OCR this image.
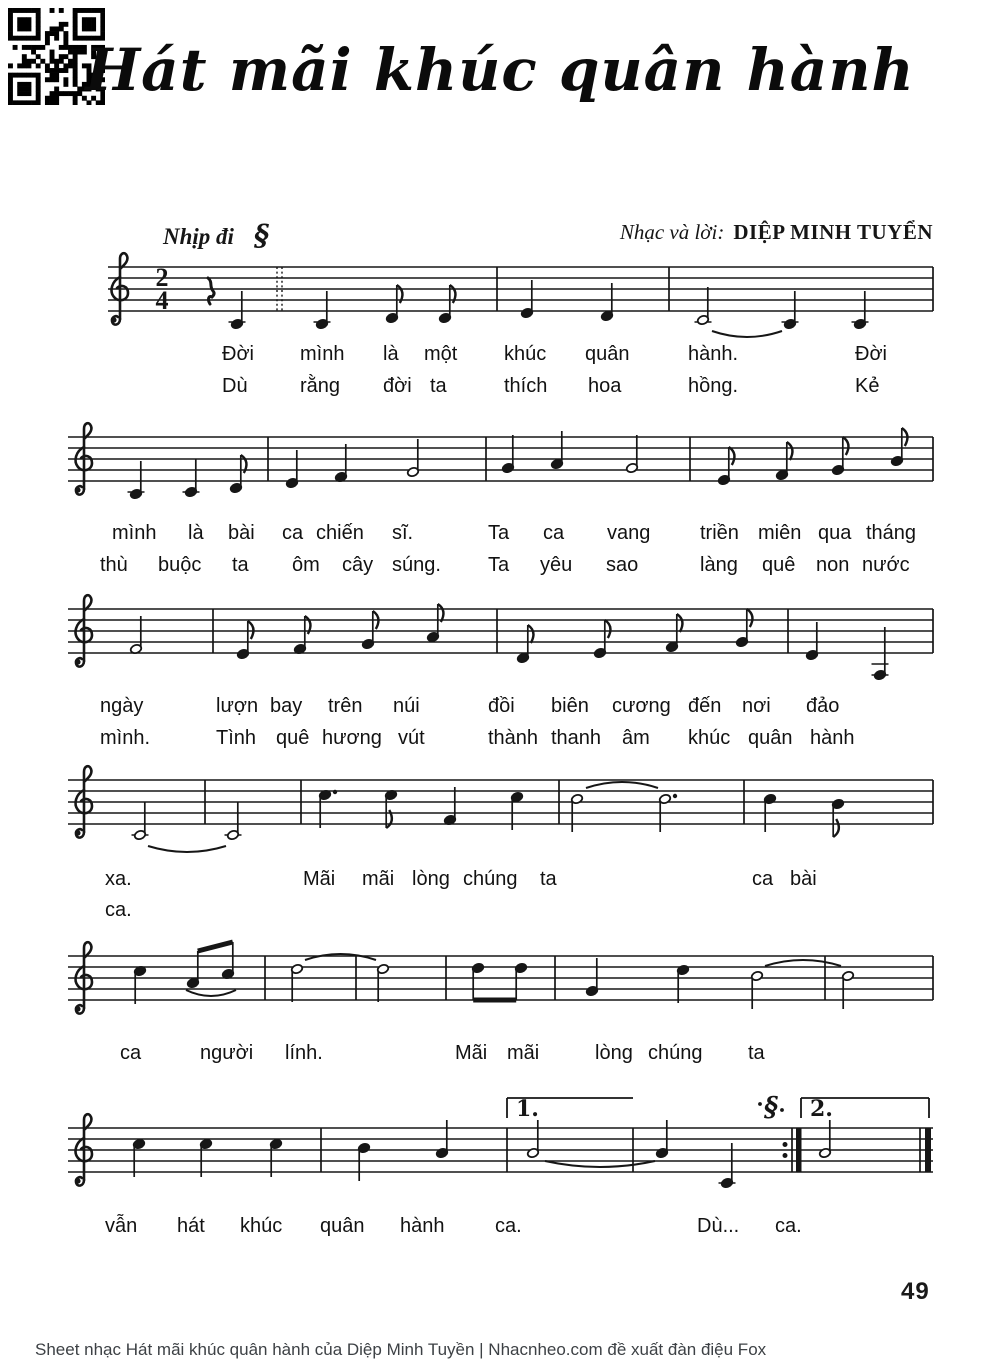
Hát mãi khúc quân hành
Nhịp đi §	Nhạc và lời: DIỆP MINH TUYỂN
2
4
1.	2.
§
Đời mình là một khúc quân	hành.	Đời
Dù	rằng đời ta	thích hoa	hồng.	Kẻ
mình là bài ca chiến sĩ.	Ta ca vang triền miên qua tháng
thù buộc ta ôm cây súng. Ta yêu sao	làng quê non nước
ngày	lượn bay trên núi	đồi biên cương đến nơi đảo
mình.	Tình quê hương vút	thành thanh âm khúc quân hành
xa.	Mãi mãi lòng chúng ta	ca bài
ca.
ca	người lính.	Mãi mãi	lòng chúng ta
vẫn hát khúc quân hành	ca.	Dù... ca.
49
Sheet nhạc Hát mãi khúc quân hành của Diệp Minh Tuyền | Nhacnheo.com đề xuất đàn điệu Fox
